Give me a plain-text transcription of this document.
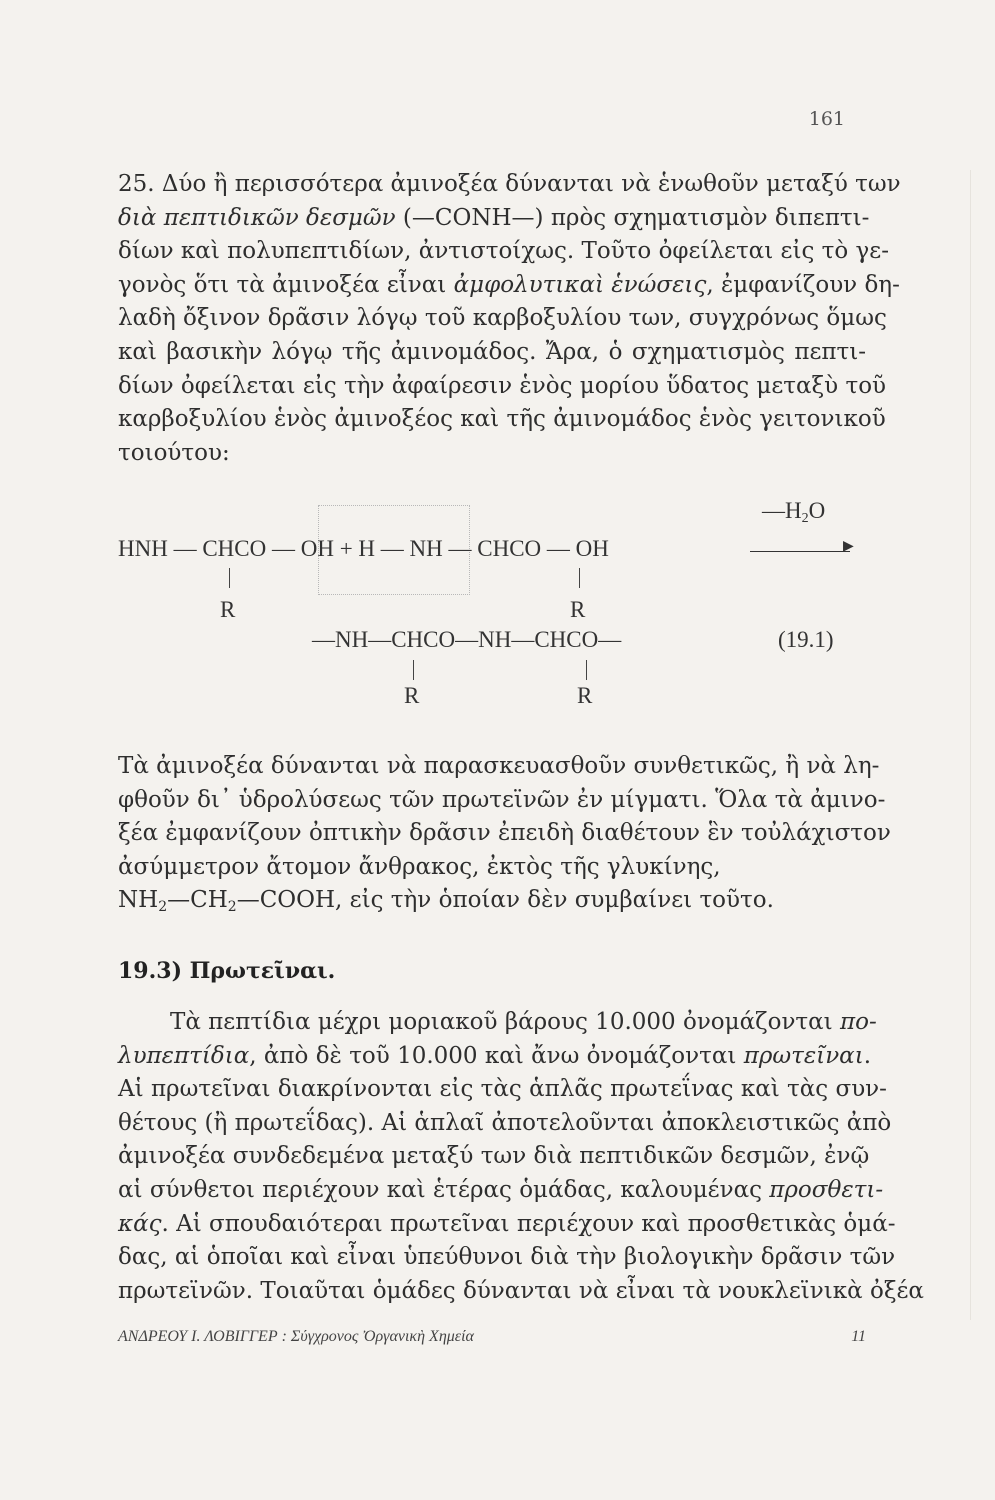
161
25. Δύο ἢ περισσότερα ἀμινοξέα δύνανται νὰ ἑνωθοῦν μεταξύ των
διὰ πεπτιδικῶν δεσμῶν (—CONH—) πρὸς σχηματισμὸν διπεπτι-
δίων καὶ πολυπεπτιδίων, ἀντιστοίχως. Τοῦτο ὀφείλεται εἰς τὸ γε-
γονὸς ὅτι τὰ ἀμινοξέα εἶναι ἀμφολυτικαὶ ἑνώσεις, ἐμφανίζουν δη-
λαδὴ ὄξινον δρᾶσιν λόγῳ τοῦ καρβοξυλίου των, συγχρόνως ὅμως
καὶ βασικὴν λόγῳ τῆς ἀμινομάδος. Ἄρα, ὁ σχηματισμὸς πεπτι-
δίων ὀφείλεται εἰς τὴν ἀφαίρεσιν ἑνὸς μορίου ὕδατος μεταξὺ τοῦ
καρβοξυλίου ἑνὸς ἀμινοξέος καὶ τῆς ἀμινομάδος ἑνὸς γειτονικοῦ
τοιούτου:
$—H_2O$
HNH — CHCO — OH + H — NH — CHCO — OH	▶
R	R
—NH—CHCO—NH—CHCO—	(19.1)
R	R
Τὰ ἀμινοξέα δύνανται νὰ παρασκευασθοῦν συνθετικῶς, ἢ νὰ λη-
φθοῦν δι᾽ ὑδρολύσεως τῶν πρωτεϊνῶν ἐν μίγματι. Ὅλα τὰ ἀμινο-
ξέα ἐμφανίζουν ὀπτικὴν δρᾶσιν ἐπειδὴ διαθέτουν ἓν τοὐλάχιστον
ἀσύμμετρον ἄτομον ἄνθρακος, ἐκτὸς τῆς γλυκίνης,
$NH_2—CH_2—COOH$, εἰς τὴν ὁποίαν δὲν συμβαίνει τοῦτο.
19.3) Πρωτεῖναι.
Τὰ πεπτίδια μέχρι μοριακοῦ βάρους 10.000 ὀνομάζονται πο-
λυπεπτίδια, ἀπὸ δὲ τοῦ 10.000 καὶ ἄνω ὀνομάζονται πρωτεῖναι.
Αἱ πρωτεῖναι διακρίνονται εἰς τὰς ἁπλᾶς πρωτεΐνας καὶ τὰς συν-
θέτους (ἢ πρωτεΐδας). Αἱ ἁπλαῖ ἀποτελοῦνται ἀποκλειστικῶς ἀπὸ
ἀμινοξέα συνδεδεμένα μεταξύ των διὰ πεπτιδικῶν δεσμῶν, ἐνῷ
αἱ σύνθετοι περιέχουν καὶ ἑτέρας ὁμάδας, καλουμένας προσθετι-
κάς. Αἱ σπουδαιότεραι πρωτεῖναι περιέχουν καὶ προσθετικὰς ὁμά-
δας, αἱ ὁποῖαι καὶ εἶναι ὑπεύθυνοι διὰ τὴν βιολογικὴν δρᾶσιν τῶν
πρωτεϊνῶν. Τοιαῦται ὁμάδες δύνανται νὰ εἶναι τὰ νουκλεϊνικὰ ὀξέα
ΑΝΔΡΕΟΥ Ι. ΛΟΒΙΓΓΕΡ : Σύγχρονος Ὀργανικὴ Χημεία	11
